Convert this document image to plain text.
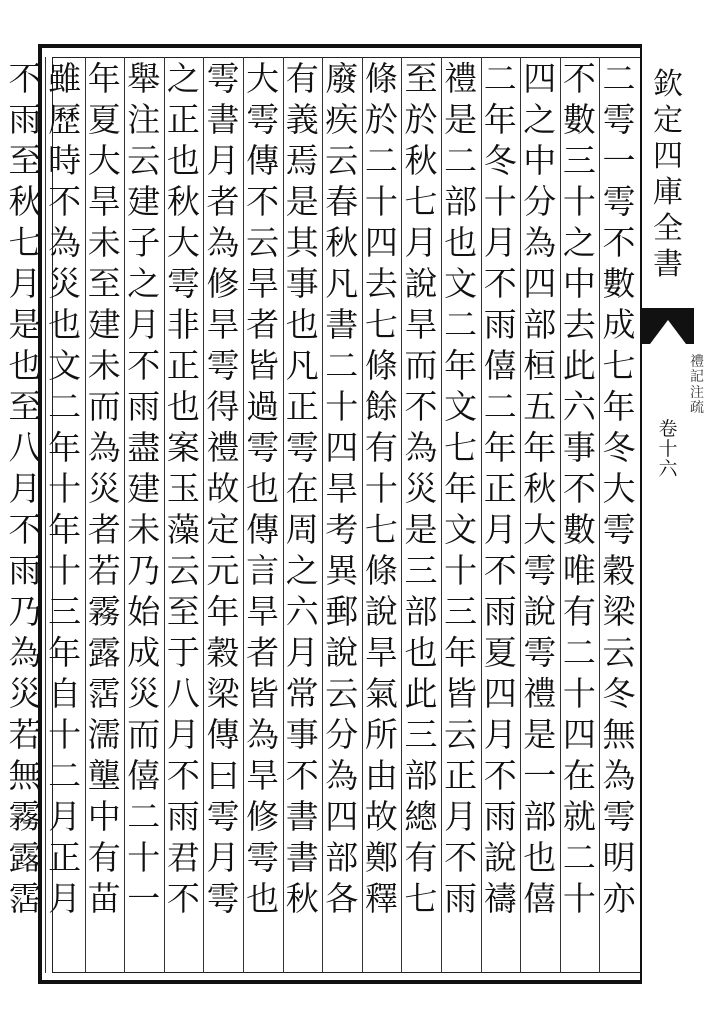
二
雩
一
雩
不
數
成
七
年
冬
大
雩
穀
梁
云
冬
無
為
雩
明
亦
不
數
三
十
之
中
去
此
六
事
不
數
唯
有
二
十
四
在
就
二
十
四
之
中
分
為
四
部
桓
五
年
秋
大
雩
說
雩
禮
是
一
部
也
僖
二
年
冬
十
月
不
雨
僖
二
年
正
月
不
雨
夏
四
月
不
雨
說
禱
禮
是
二
部
也
文
二
年
文
七
年
文
十
三
年
皆
云
正
月
不
雨
至
於
秋
七
月
說
旱
而
不
為
災
是
三
部
也
此
三
部
總
有
七
條
於
二
十
四
去
七
條
餘
有
十
七
條
說
旱
氣
所
由
故
鄭
釋
廢
疾
云
春
秋
凡
書
二
十
四
旱
考
異
郵
說
云
分
為
四
部
各
有
義
焉
是
其
事
也
凡
正
雩
在
周
之
六
月
常
事
不
書
書
秋
大
雩
傳
不
云
旱
者
皆
過
雩
也
傳
言
旱
者
皆
為
旱
修
雩
也
雩
書
月
者
為
修
旱
雩
得
禮
故
定
元
年
穀
梁
傳
曰
雩
月
雩
之
正
也
秋
大
雩
非
正
也
案
玉
藻
云
至
于
八
月
不
雨
君
不
舉
注
云
建
子
之
月
不
雨
盡
建
未
乃
始
成
災
而
僖
二
十
一
年
夏
大
旱
未
至
建
未
而
為
災
者
若
霧
露
霑
濡
壟
中
有
苗
雖
歷
時
不
為
災
也
文
二
年
十
年
十
三
年
自
十
二
月
正
月
不
雨
至
秋
七
月
是
也
至
八
月
不
雨
乃
為
災
若
無
霧
露
霑
欽
定
四
庫
全
書
卷
十
六
禮
記
注
疏
